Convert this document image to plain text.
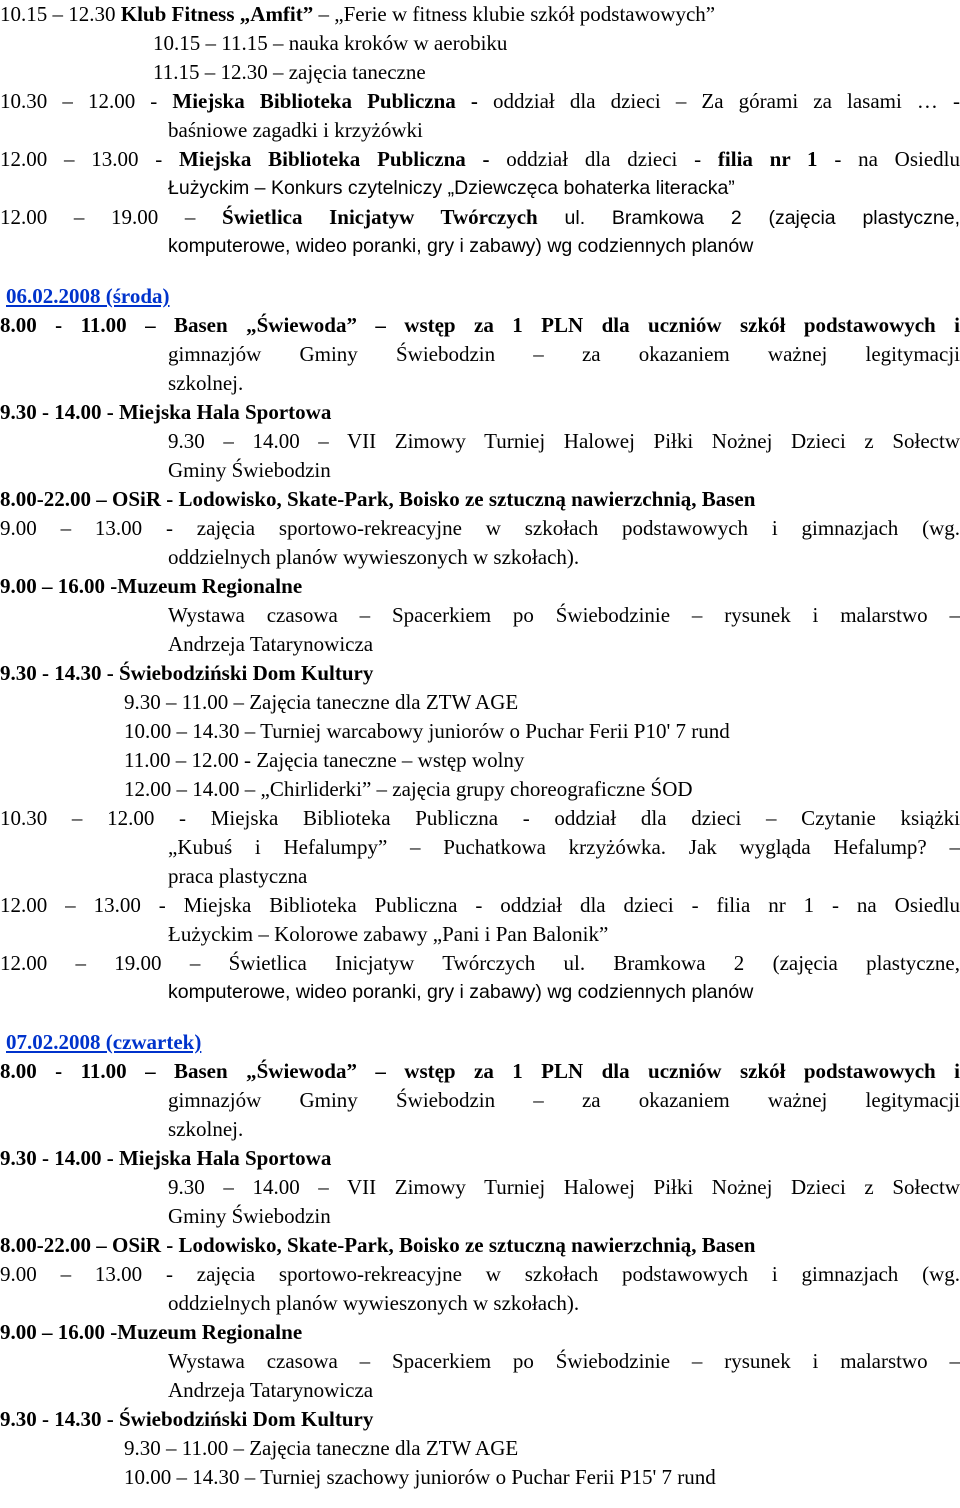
10.15 – 12.30 Klub Fitness „Amfit” – „Ferie w fitness klubie szkół podstawowych”
10.15 – 11.15 – nauka kroków w aerobiku
11.15 – 12.30 – zajęcia taneczne
10.30 – 12.00 - Miejska Biblioteka Publiczna - oddział dla dzieci – Za górami za lasami … -
baśniowe zagadki i krzyżówki
12.00 – 13.00 - Miejska Biblioteka Publiczna - oddział dla dzieci - filia nr 1 - na Osiedlu
Łużyckim – Konkurs czytelniczy „Dziewczęca bohaterka literacka”
12.00 – 19.00 – Świetlica Inicjatyw Twórczych ul. Bramkowa 2 (zajęcia plastyczne,
komputerowe, wideo poranki, gry i zabawy) wg codziennych planów
06.02.2008 (środa)
8.00 - 11.00 – Basen „Świewoda” – wstęp za 1 PLN dla uczniów szkół podstawowych i
gimnazjów Gminy Świebodzin – za okazaniem ważnej legitymacji
szkolnej.
9.30 - 14.00 - Miejska Hala Sportowa
9.30 – 14.00 – VII Zimowy Turniej Halowej Piłki Nożnej Dzieci z Sołectw
Gminy Świebodzin
8.00-22.00 – OSiR - Lodowisko, Skate-Park, Boisko ze sztuczną nawierzchnią, Basen
9.00 – 13.00 - zajęcia sportowo-rekreacyjne w szkołach podstawowych i gimnazjach (wg.
oddzielnych planów wywieszonych w szkołach).
9.00 – 16.00 -Muzeum Regionalne
Wystawa czasowa – Spacerkiem po Świebodzinie – rysunek i malarstwo –
Andrzeja Tatarynowicza
9.30 - 14.30 - Świebodziński Dom Kultury
9.30 – 11.00 – Zajęcia taneczne dla ZTW AGE
10.00 – 14.30 – Turniej warcabowy juniorów o Puchar Ferii P10' 7 rund
11.00 – 12.00 - Zajęcia taneczne – wstęp wolny
12.00 – 14.00 – „Chirliderki” – zajęcia grupy choreograficzne ŚOD
10.30 – 12.00 - Miejska Biblioteka Publiczna - oddział dla dzieci – Czytanie książki
„Kubuś i Hefalumpy” – Puchatkowa krzyżówka. Jak wygląda Hefalump? –
praca plastyczna
12.00 – 13.00 - Miejska Biblioteka Publiczna - oddział dla dzieci - filia nr 1 - na Osiedlu
Łużyckim – Kolorowe zabawy „Pani i Pan Balonik”
12.00 – 19.00 – Świetlica Inicjatyw Twórczych ul. Bramkowa 2 (zajęcia plastyczne,
komputerowe, wideo poranki, gry i zabawy) wg codziennych planów
07.02.2008 (czwartek)
8.00 - 11.00 – Basen „Świewoda” – wstęp za 1 PLN dla uczniów szkół podstawowych i
gimnazjów Gminy Świebodzin – za okazaniem ważnej legitymacji
szkolnej.
9.30 - 14.00 - Miejska Hala Sportowa
9.30 – 14.00 – VII Zimowy Turniej Halowej Piłki Nożnej Dzieci z Sołectw
Gminy Świebodzin
8.00-22.00 – OSiR - Lodowisko, Skate-Park, Boisko ze sztuczną nawierzchnią, Basen
9.00 – 13.00 - zajęcia sportowo-rekreacyjne w szkołach podstawowych i gimnazjach (wg.
oddzielnych planów wywieszonych w szkołach).
9.00 – 16.00 -Muzeum Regionalne
Wystawa czasowa – Spacerkiem po Świebodzinie – rysunek i malarstwo –
Andrzeja Tatarynowicza
9.30 - 14.30 - Świebodziński Dom Kultury
9.30 – 11.00 – Zajęcia taneczne dla ZTW AGE
10.00 – 14.30 – Turniej szachowy juniorów o Puchar Ferii P15' 7 rund
